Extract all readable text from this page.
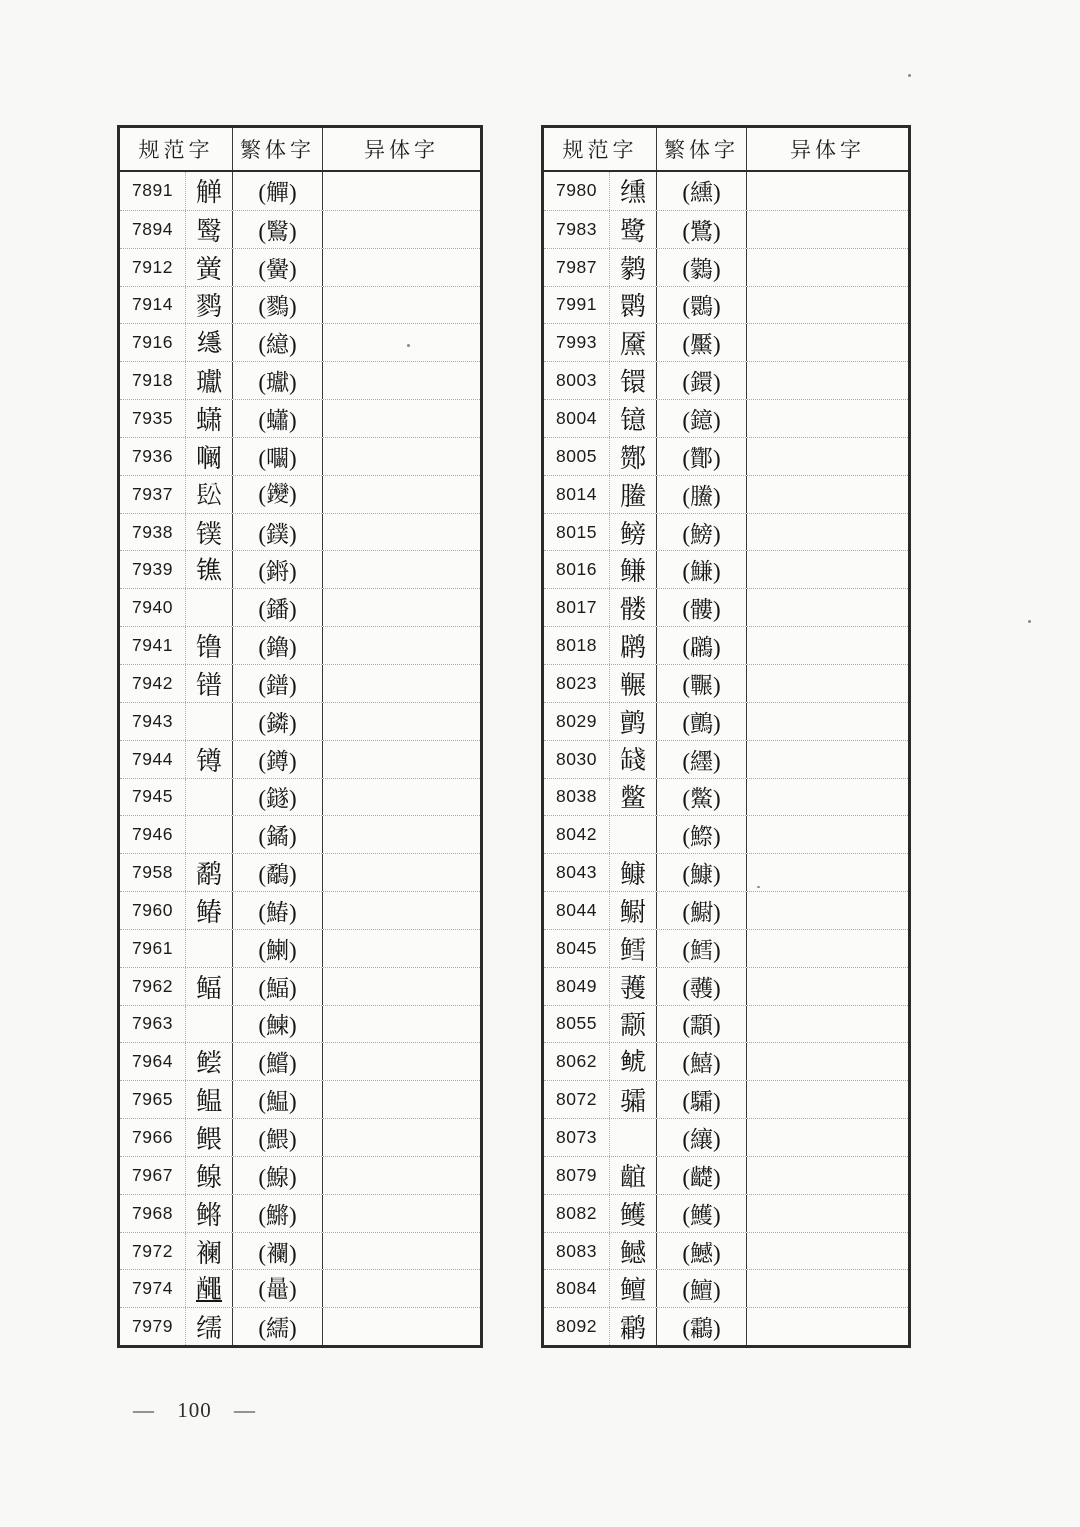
规范字	繁体字	异体字
7891 觯	(觶)
7894 鹥	(鷖)
7912 黉	(黌)
7914 鹨	(鷚)
7916 𦈠	(繶)
7918 瓛	(瓛)
7935 蟏	(蠨)
7936 㘎	(㘚)
7937 𨱛	(𨰺)
7938 镤	(鏷)
7939 𨱓	(𨪙)
7940 𬭰	(鐇)
7941 镥	(鑥)
7942 镨	(鐠)
7943 𬭭	(鏻)
7944 𨱔	(鐏)
7945 𨱖	(鐩)
7946 𨱗	(鐍)
7958 鹬	(鷸)
7960 䲠	(鰆)
7961 𩾁	(鯻)
7962 鲾	(鰏)
7963 𩾂	(鰊)
7964 鲿	(鱨)
7965 鳁	(鰛)
7966 鳂	(鰃)
7967 鳈	(鰁)
7968 鳉	(鱂)
7972 襕	(襴)
7974 𪓰	(𪓲)
7979 𦈡	(繻)
规范字	繁体字	异体字
7980 𫄸	(纁)
7983 鹭	(鷺)
7987 鹲	(鸏)
7991 鹮	(䴉)
7993 黡	(黶)
8003 镮	(鐶)
8004 镱	(鐿)
8005 酂	(酇)
8014 䲢	(鰧)
8015 鳑	(鰟)
8016 鳒	(鰜)
8017 髅	(髏)
8018 䴙	(鸊)
8023 冁	(囅)
8029 鹯	(鸇)
8030 𦈻	(纆)
8038 鳖	(鱉)
8042 𩾎	(鰶)
8043 𩾌	(鱇)
8044 鳚	(䲁)
8045 鳕	(鱈)
8049 彟	(彠)
8055 颥	(顬)
8062 𩾇	(鱚)
8072 骦	(驦)
8073 𦈾	(纕)
8079 𪘲	(齼)
8082 鳠	(鱯)
8083 鳡	(鱤)
8084 鳣	(鱣)
8092 鹴	(鸘)
— 100 —
